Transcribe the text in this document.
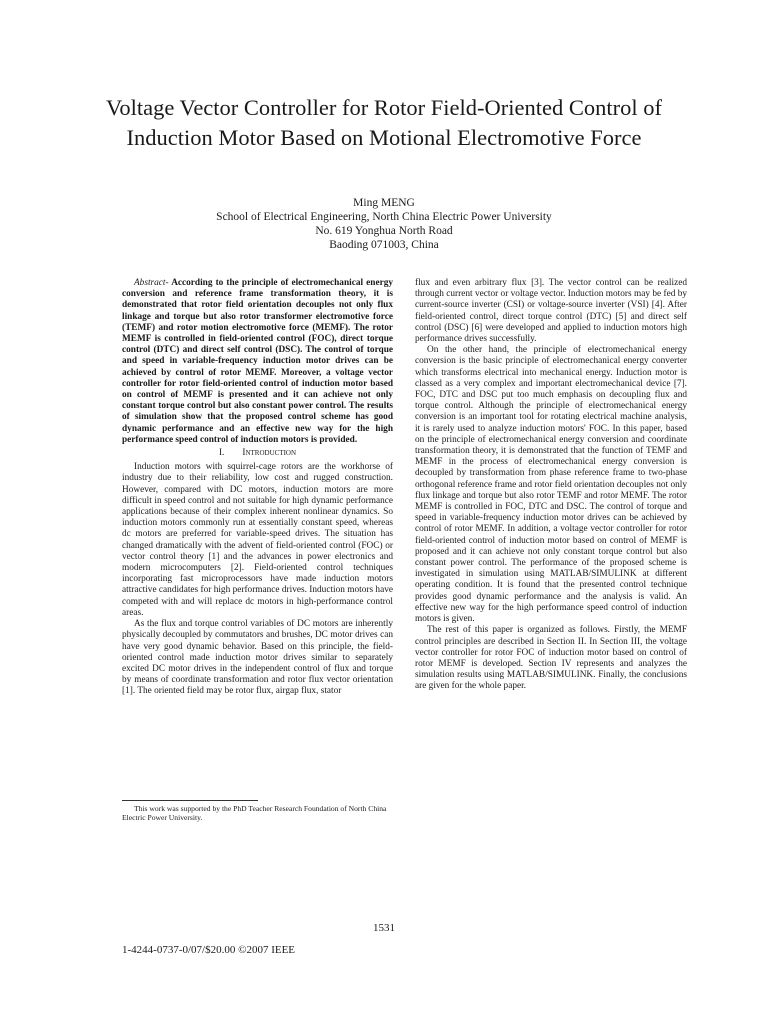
Voltage Vector Controller for Rotor Field-Oriented Control of Induction Motor Based on Motional Electromotive Force
Ming MENG
School of Electrical Engineering, North China Electric Power University
No. 619 Yonghua North Road
Baoding 071003, China

Abstract- According to the principle of electromechanical energy conversion and reference frame transformation theory, it is demonstrated that rotor field orientation decouples not only flux linkage and torque but also rotor transformer electromotive force (TEMF) and rotor motion electromotive force (MEMF). The rotor MEMF is controlled in field-oriented control (FOC), direct torque control (DTC) and direct self control (DSC). The control of torque and speed in variable-frequency induction motor drives can be achieved by control of rotor MEMF. Moreover, a voltage vector controller for rotor field-oriented control of induction motor based on control of MEMF is presented and it can achieve not only constant torque control but also constant power control. The results of simulation show that the proposed control scheme has good dynamic performance and an effective new way for the high performance speed control of induction motors is provided.

I. Introduction

Induction motors with squirrel-cage rotors are the workhorse of industry due to their reliability, low cost and rugged construction. However, compared with DC motors, induction motors are more difficult in speed control and not suitable for high dynamic performance applications because of their complex inherent nonlinear dynamics. So induction motors commonly run at essentially constant speed, whereas dc motors are preferred for variable-speed drives. The situation has changed dramatically with the advent of field-oriented control (FOC) or vector control theory [1] and the advances in power electronics and modern microcomputers [2]. Field-oriented control techniques incorporating fast microprocessors have made induction motors attractive candidates for high performance drives. Induction motors have competed with and will replace dc motors in high-performance control areas.

As the flux and torque control variables of DC motors are inherently physically decoupled by commutators and brushes, DC motor drives can have very good dynamic behavior. Based on this principle, the field-oriented control made induction motor drives similar to separately excited DC motor drives in the independent control of flux and torque by means of coordinate transformation and rotor flux vector orientation [1]. The oriented field may be rotor flux, airgap flux, stator

This work was supported by the PhD Teacher Research Foundation of North China Electric Power University.

flux and even arbitrary flux [3]. The vector control can be realized through current vector or voltage vector. Induction motors may be fed by current-source inverter (CSI) or voltage-source inverter (VSI) [4]. After field-oriented control, direct torque control (DTC) [5] and direct self control (DSC) [6] were developed and applied to induction motors high performance drives successfully.

On the other hand, the principle of electromechanical energy conversion is the basic principle of electromechanical energy converter which transforms electrical into mechanical energy. Induction motor is classed as a very complex and important electromechanical device [7]. FOC, DTC and DSC put too much emphasis on decoupling flux and torque control. Although the principle of electromechanical energy conversion is an important tool for rotating electrical machine analysis, it is rarely used to analyze induction motors' FOC. In this paper, based on the principle of electromechanical energy conversion and coordinate transformation theory, it is demonstrated that the function of TEMF and MEMF in the process of electromechanical energy conversion is decoupled by transformation from phase reference frame to two-phase orthogonal reference frame and rotor field orientation decouples not only flux linkage and torque but also rotor TEMF and rotor MEMF. The rotor MEMF is controlled in FOC, DTC and DSC. The control of torque and speed in variable-frequency induction motor drives can be achieved by control of rotor MEMF. In addition, a voltage vector controller for rotor field-oriented control of induction motor based on control of MEMF is proposed and it can achieve not only constant torque control but also constant power control. The performance of the proposed scheme is investigated in simulation using MATLAB/SIMULINK at different operating condition. It is found that the presented control technique provides good dynamic performance and the analysis is valid. An effective new way for the high performance speed control of induction motors is given.

The rest of this paper is organized as follows. Firstly, the MEMF control principles are described in Section II. In Section III, the voltage vector controller for rotor FOC of induction motor based on control of rotor MEMF is developed. Section IV represents and analyzes the simulation results using MATLAB/SIMULINK. Finally, the conclusions are given for the whole paper.

1531
1-4244-0737-0/07/$20.00 ©2007 IEEE
